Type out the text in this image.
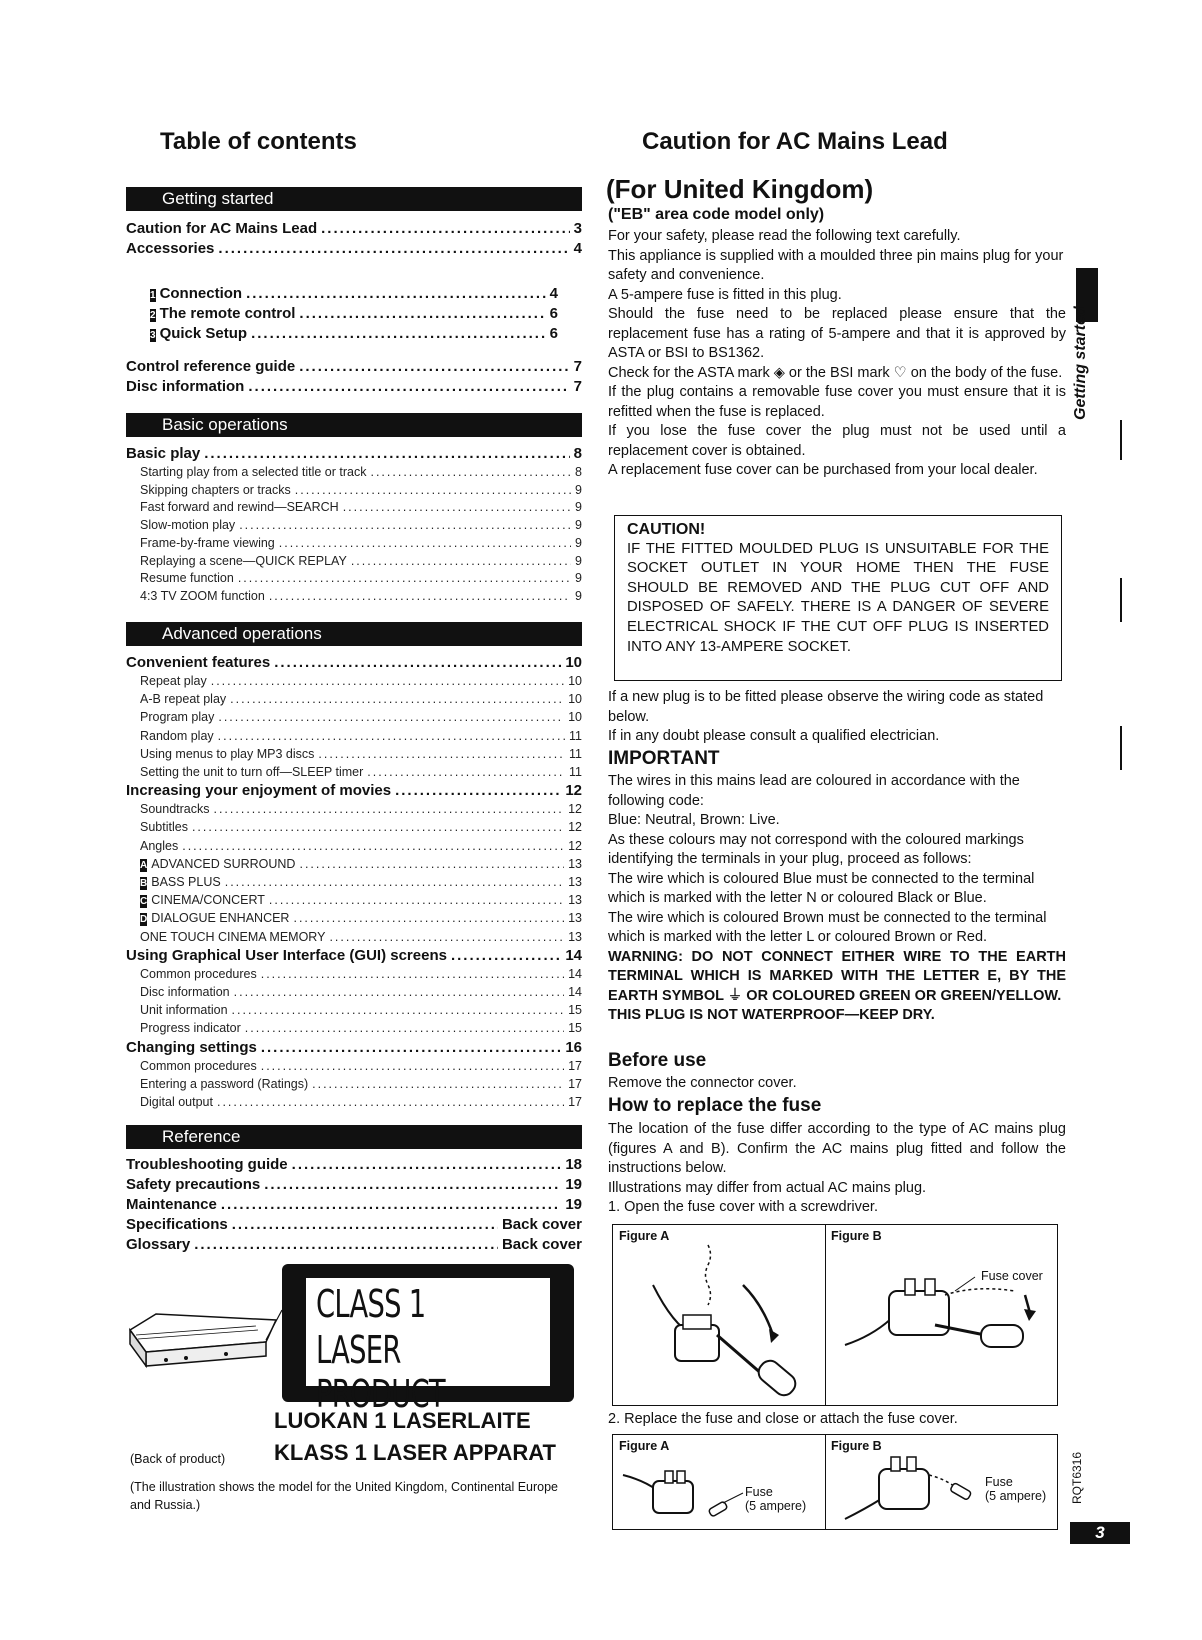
Table of contents
Getting started
Basic operations
Advanced operations
Reference
Caution for AC Mains Lead .....	3
Accessories .....	4
1 Connection .....	4
2 The remote control .....	6
3 Quick Setup .....	6
Control reference guide .....	7
Disc information .....	7
Basic play .....	8
Starting play from a selected title or track .....	8
Skipping chapters or tracks .....	9
Fast forward and rewind—SEARCH .....	9
Slow-motion play .....	9
Frame-by-frame viewing .....	9
Replaying a scene—QUICK REPLAY .....	9
Resume function .....	9
4:3 TV ZOOM function .....	9
Convenient features .....	10
Repeat play .....	10
A-B repeat play .....	10
Program play .....	10
Random play .....	11
Using menus to play MP3 discs .....	11
Setting the unit to turn off—SLEEP timer .....	11
Increasing your enjoyment of movies .....	12
Soundtracks .....	12
Subtitles .....	12
Angles .....	12
A ADVANCED SURROUND .....	13
B BASS PLUS .....	13
C CINEMA/CONCERT .....	13
D DIALOGUE ENHANCER .....	13
ONE TOUCH CINEMA MEMORY .....	13
Using Graphical User Interface (GUI) screens .....	14
Common procedures .....	14
Disc information .....	14
Unit information .....	15
Progress indicator .....	15
Changing settings .....	16
Common procedures .....	17
Entering a password (Ratings) .....	17
Digital output .....	17
Troubleshooting guide .....	18
Safety precautions .....	19
Maintenance .....	19
Specifications .....	Back cover
Glossary .....	Back cover
CLASS 1
LASER PRODUCT
LUOKAN 1 LASERLAITE
(Back of product) KLASS 1 LASER APPARAT
(The illustration shows the model for the United Kingdom, Continental Europe and Russia.)
Caution for AC Mains Lead
(For United Kingdom)
("EB" area code model only)

For your safety, please read the following text carefully.

This appliance is supplied with a moulded three pin mains plug for your safety and convenience.

A 5-ampere fuse is fitted in this plug.

Should the fuse need to be replaced please ensure that the replacement fuse has a rating of 5-ampere and that it is approved by ASTA or BSI to BS1362.

Check for the ASTA mark ◈ or the BSI mark ♡ on the body of the fuse.

If the plug contains a removable fuse cover you must ensure that it is refitted when the fuse is replaced.

If you lose the fuse cover the plug must not be used until a replacement cover is obtained.

A replacement fuse cover can be purchased from your local dealer.

CAUTION!
IF THE FITTED MOULDED PLUG IS UNSUITABLE FOR THE SOCKET OUTLET IN YOUR HOME THEN THE FUSE SHOULD BE REMOVED AND THE PLUG CUT OFF AND DISPOSED OF SAFELY. THERE IS A DANGER OF SEVERE ELECTRICAL SHOCK IF THE CUT OFF PLUG IS INSERTED INTO ANY 13-AMPERE SOCKET.

If a new plug is to be fitted please observe the wiring code as stated below.

If in any doubt please consult a qualified electrician.

IMPORTANT

The wires in this mains lead are coloured in accordance with the following code:

Blue: Neutral, Brown: Live.

As these colours may not correspond with the coloured markings identifying the terminals in your plug, proceed as follows:

The wire which is coloured Blue must be connected to the terminal which is marked with the letter N or coloured Black or Blue.

The wire which is coloured Brown must be connected to the terminal which is marked with the letter L or coloured Brown or Red.

WARNING: DO NOT CONNECT EITHER WIRE TO THE EARTH TERMINAL WHICH IS MARKED WITH THE LETTER E, BY THE EARTH SYMBOL ⏚ OR COLOURED GREEN OR GREEN/YELLOW.

THIS PLUG IS NOT WATERPROOF—KEEP DRY.

Before use
Remove the connector cover.
How to replace the fuse

The location of the fuse differ according to the type of AC mains plug (figures A and B). Confirm the AC mains plug fitted and follow the instructions below.

Illustrations may differ from actual AC mains plug.

1. Open the fuse cover with a screwdriver.

Figure A	Figure B
Fuse cover
2. Replace the fuse and close or attach the fuse cover.
Figure A
Fuse
(5 ampere)
Figure B
Fuse
(5 ampere)
Getting started
RQT6316
3
